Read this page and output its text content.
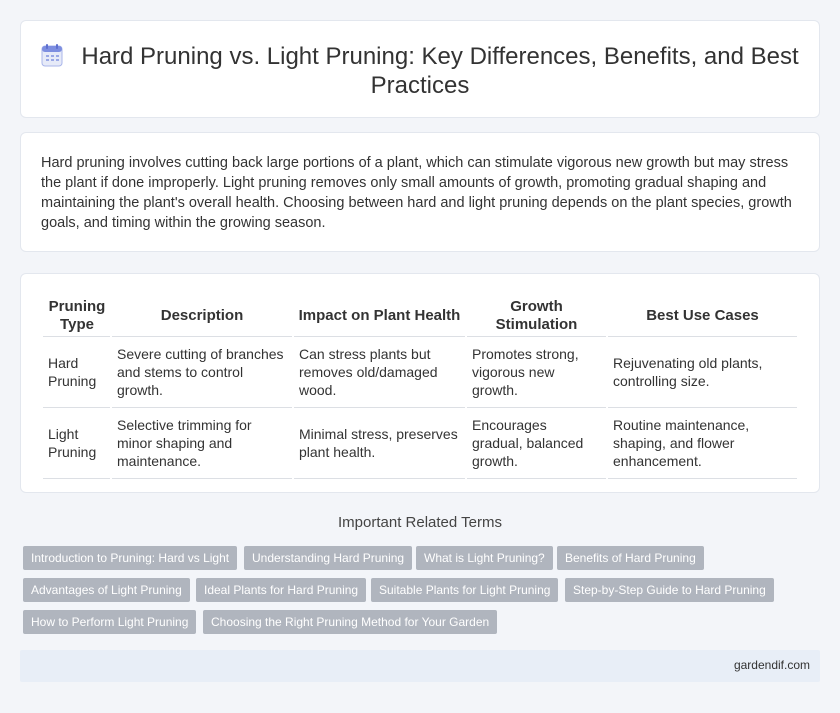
Hard Pruning vs. Light Pruning: Key Differences, Benefits, and Best Practices

Hard pruning involves cutting back large portions of a plant, which can stimulate vigorous new growth but may stress the plant if done improperly. Light pruning removes only small amounts of growth, promoting gradual shaping and maintaining the plant's overall health. Choosing between hard and light pruning depends on the plant species, growth goals, and timing within the growing season.

Pruning Type	Description	Impact on Plant Health	Growth Stimulation	Best Use Cases
Hard Pruning	Severe cutting of branches and stems to control growth.	Can stress plants but removes old/damaged wood.	Promotes strong, vigorous new growth.	Rejuvenating old plants, controlling size.
Light Pruning	Selective trimming for minor shaping and maintenance.	Minimal stress, preserves plant health.	Encourages gradual, balanced growth.	Routine maintenance, shaping, and flower enhancement.
Important Related Terms
Introduction to Pruning: Hard vs Light	Understanding Hard Pruning	What is Light Pruning?	Benefits of Hard Pruning
Advantages of Light Pruning	Ideal Plants for Hard Pruning	Suitable Plants for Light Pruning	Step-by-Step Guide to Hard Pruning
How to Perform Light Pruning	Choosing the Right Pruning Method for Your Garden
gardendif.com
